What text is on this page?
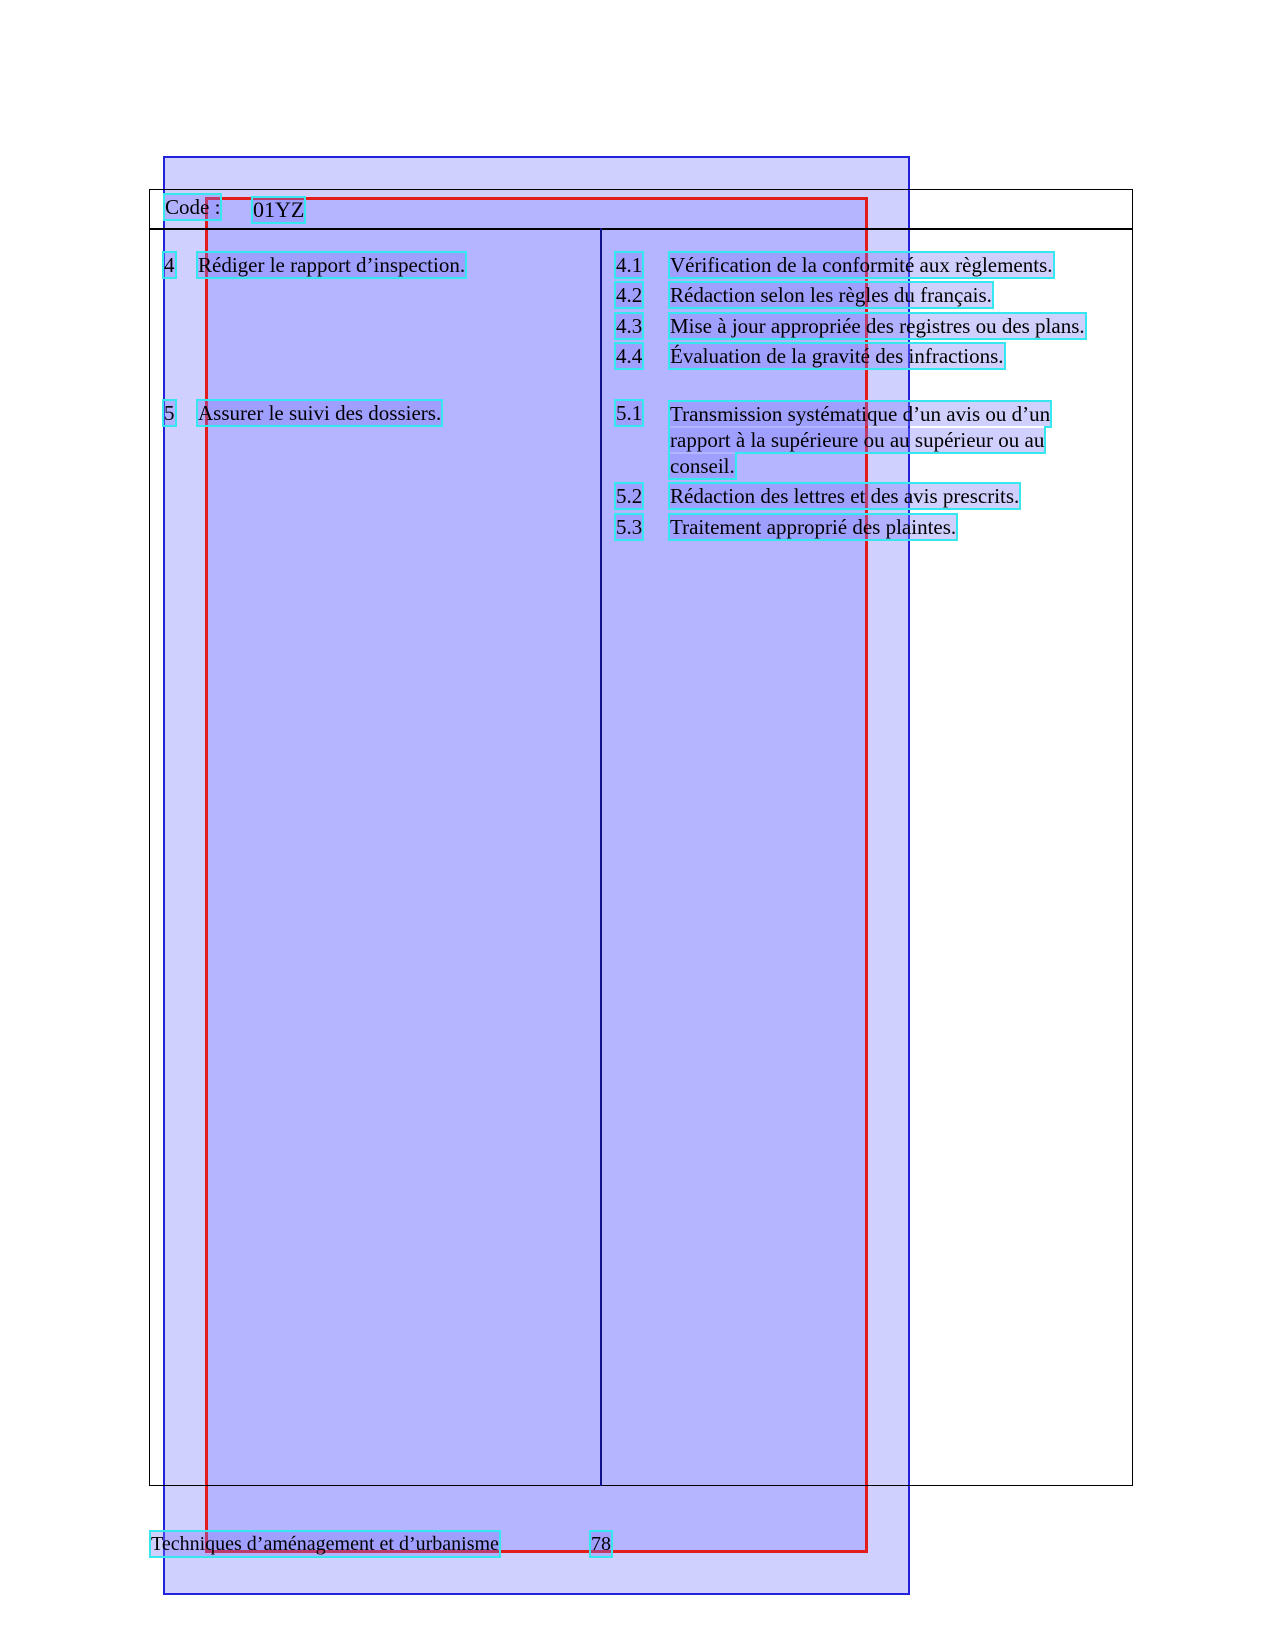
Code : 01YZ
4 Rédiger le rapport d’inspection.	4.1 Vérification de la conformité aux règlements.
4.2 Rédaction selon les règles du français.
4.3 Mise à jour appropriée des registres ou des plans.
4.4 Évaluation de la gravité des infractions.
5 Assurer le suivi des dossiers.	5.1 Transmission systématique d’un avis ou d’un rapport à la supérieure ou au supérieur ou au conseil.
5.2 Rédaction des lettres et des avis prescrits.
5.3 Traitement approprié des plaintes.
Techniques d’aménagement et d’urbanisme	78
